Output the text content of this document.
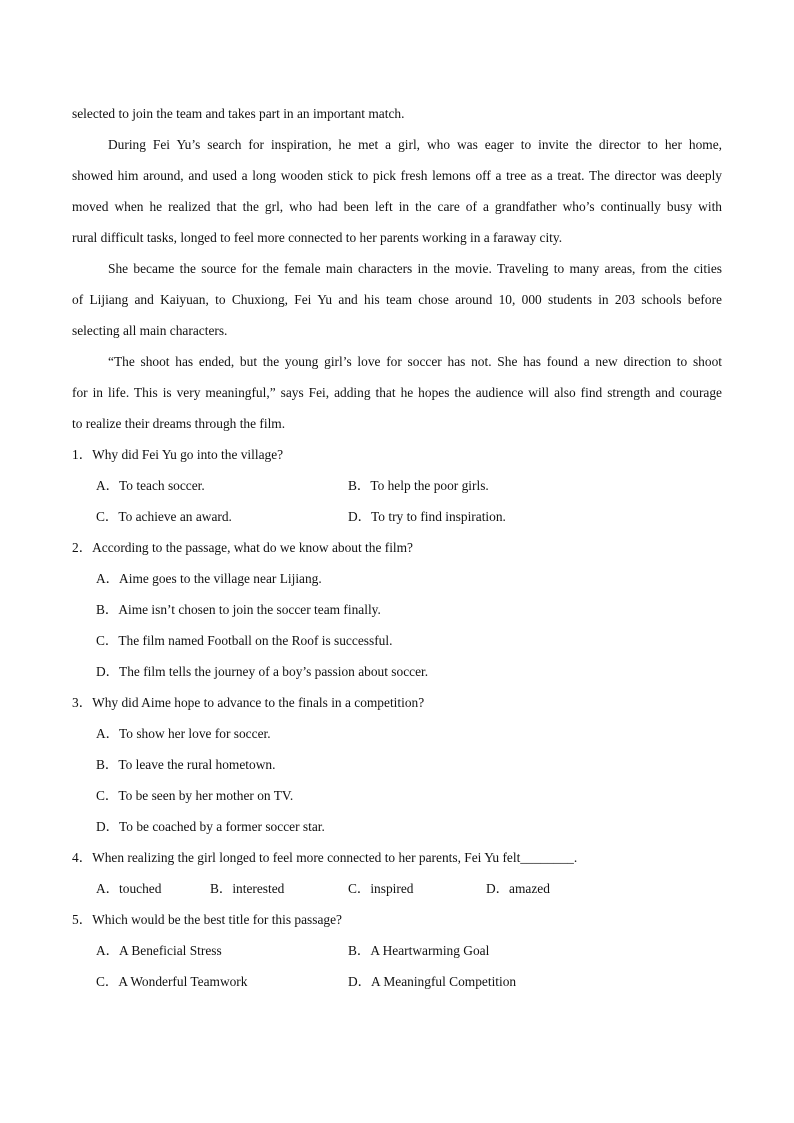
selected to join the team and takes part in an important match.
During Fei Yu’s search for inspiration, he met a girl, who was eager to invite the director to her home,
showed him around, and used a long wooden stick to pick fresh lemons off a tree as a treat. The director was deeply
moved when he realized that the grl, who had been left in the care of a grandfather who’s continually busy with
rural difficult tasks, longed to feel more connected to her parents working in a faraway city.
She became the source for the female main characters in the movie. Traveling to many areas, from the cities
of Lijiang and Kaiyuan, to Chuxiong, Fei Yu and his team chose around 10, 000 students in 203 schools before
selecting all main characters.
“The shoot has ended, but the young girl’s love for soccer has not. She has found a new direction to shoot
for in life. This is very meaningful,” says Fei, adding that he hopes the audience will also find strength and courage
to realize their dreams through the film.
1．Why did Fei Yu go into the village?
A．To teach soccer.	B．To help the poor girls.
C．To achieve an award.	D．To try to find inspiration.
2．According to the passage, what do we know about the film?
A．Aime goes to the village near Lijiang.
B．Aime isn’t chosen to join the soccer team finally.
C．The film named Football on the Roof is successful.
D．The film tells the journey of a boy’s passion about soccer.
3．Why did Aime hope to advance to the finals in a competition?
A．To show her love for soccer.
B．To leave the rural hometown.
C．To be seen by her mother on TV.
D．To be coached by a former soccer star.
4．When realizing the girl longed to feel more connected to her parents, Fei Yu felt________.
A．touched	B．interested	C．inspired	D．amazed
5．Which would be the best title for this passage?
A．A Beneficial Stress	B．A Heartwarming Goal
C．A Wonderful Teamwork	D．A Meaningful Competition
